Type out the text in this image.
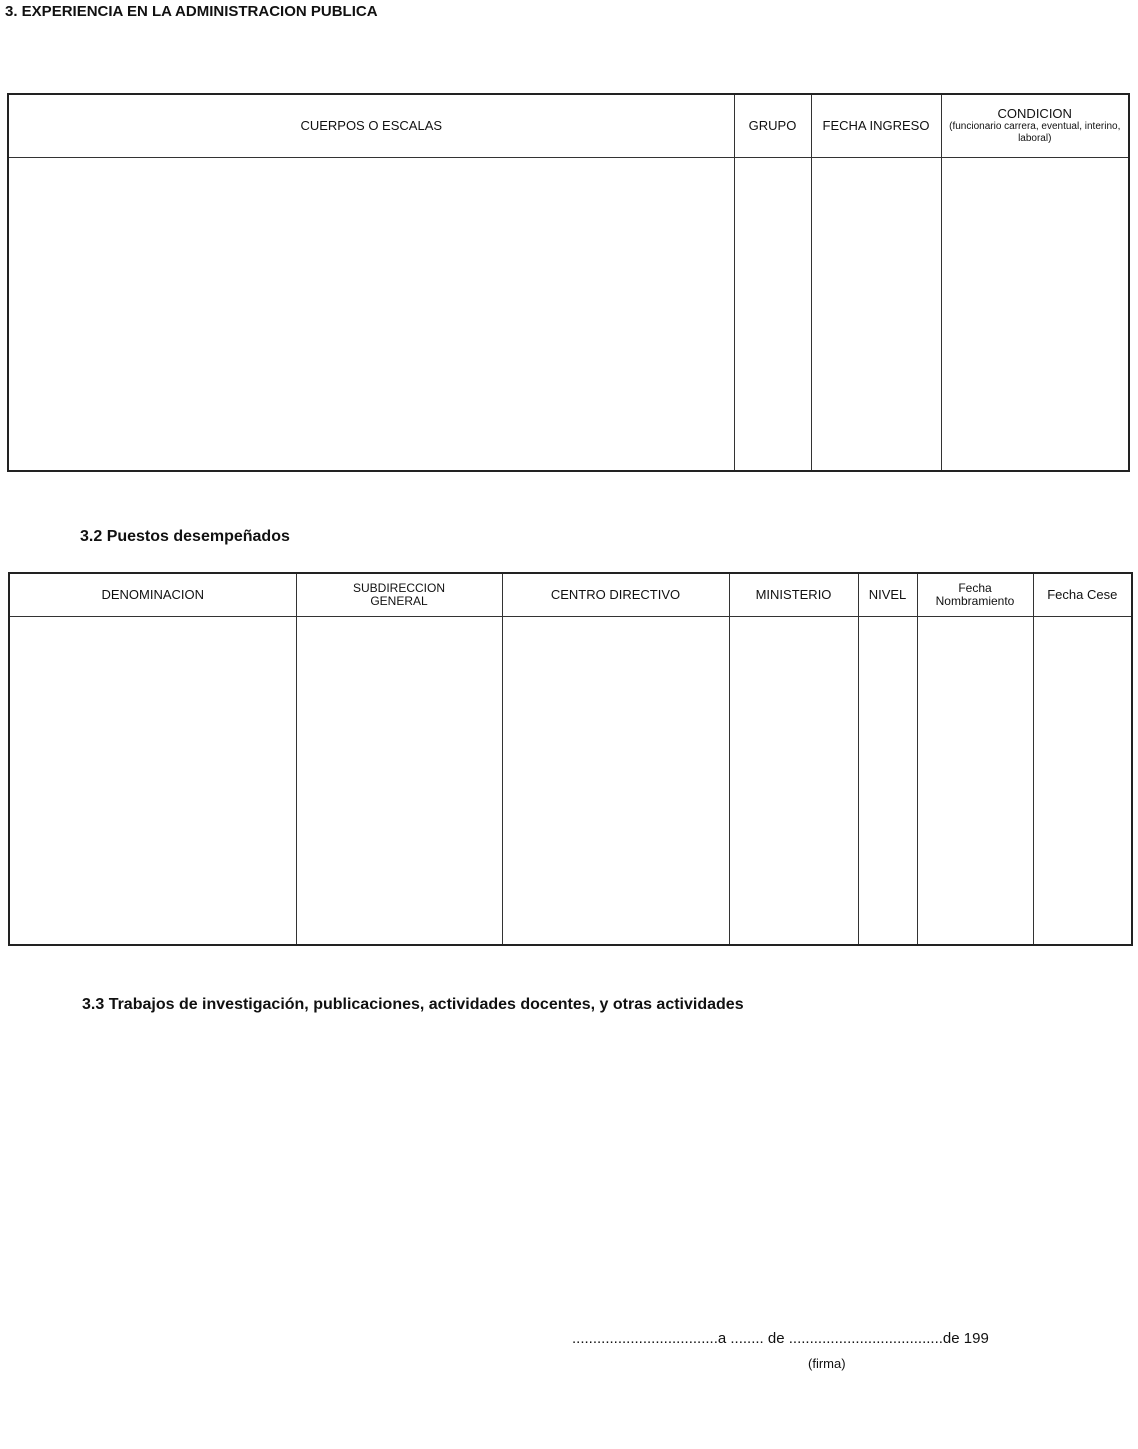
3. EXPERIENCIA EN LA ADMINISTRACION PUBLICA
CUERPOS O ESCALAS	GRUPO	FECHA INGRESO	CONDICION
(funcionario carrera, eventual, interino, laboral)

3.2 Puestos desempeñados
DENOMINACION	SUBDIRECCION GENERAL	CENTRO DIRECTIVO	MINISTERIO	NIVEL	Fecha Nombramiento	Fecha Cese

3.3 Trabajos de investigación, publicaciones, actividades docentes, y otras actividades
...................................a ........ de .....................................de 199
(firma)
